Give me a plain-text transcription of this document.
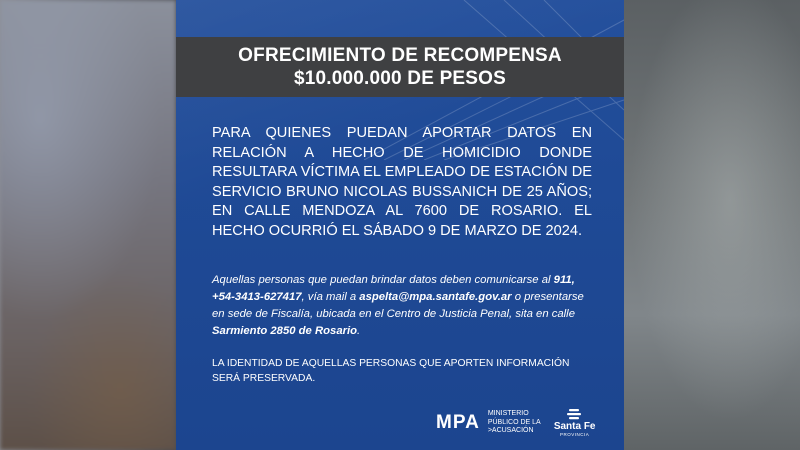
OFRECIMIENTO DE RECOMPENSA
$10.000.000 DE PESOS
PARA QUIENES PUEDAN APORTAR DATOS EN RELACIÓN A HECHO DE HOMICIDIO DONDE RESULTARA VÍCTIMA EL EMPLEADO DE ESTACIÓN DE SERVICIO BRUNO NICOLAS BUSSANICH DE 25 AÑOS; EN CALLE MENDOZA AL 7600 DE ROSARIO. EL HECHO OCURRIÓ EL SÁBADO 9 DE MARZO DE 2024.
Aquellas personas que puedan brindar datos deben comunicarse al 911, +54-3413-627417, vía mail a aspelta@mpa.santafe.gov.ar o presentarse en sede de Fiscalía, ubicada en el Centro de Justicia Penal, sita en calle Sarmiento 2850 de Rosario.
LA IDENTIDAD DE AQUELLAS PERSONAS QUE APORTEN INFORMACIÓN SERÁ PRESERVADA.
MPA MINISTERIO
PÚBLICO DE LA
>ACUSACIÓN	Santa Fe
PROVINCIA
